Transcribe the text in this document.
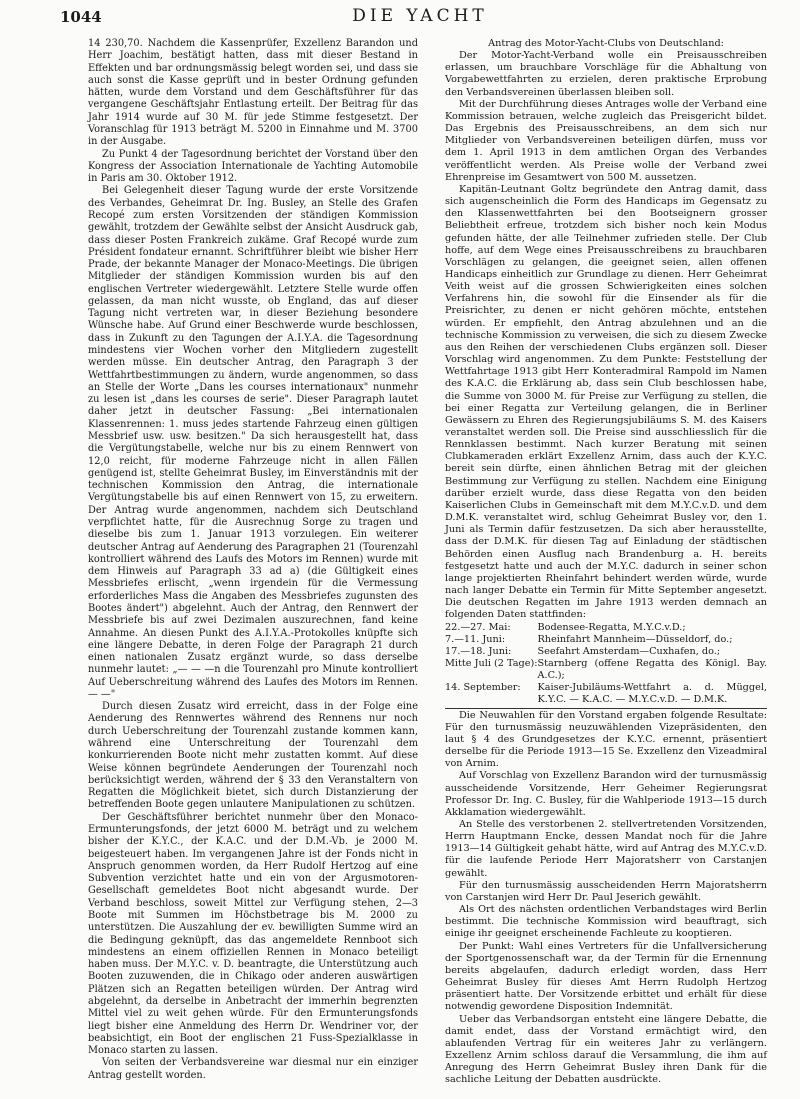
1044	DIE YACHT

14 230,70. Nachdem die Kassenprüfer, Exzellenz Barandon und Herr Joachim, bestätigt hatten, dass mit dieser Bestand in Effekten und bar ordnungsmässig belegt worden sei, und dass sie auch sonst die Kasse geprüft und in bester Ordnung gefunden hätten, wurde dem Vorstand und dem Geschäftsführer für das vergangene Geschäftsjahr Entlastung erteilt. Der Beitrag für das Jahr 1914 wurde auf 30 M. für jede Stimme festgesetzt. Der Voranschlag für 1913 beträgt M. 5200 in Einnahme und M. 3700 in der Ausgabe.

Zu Punkt 4 der Tagesordnung berichtet der Vorstand über den Kongress der Association Internationale de Yachting Automobile in Paris am 30. Oktober 1912.

Bei Gelegenheit dieser Tagung wurde der erste Vorsitzende des Verbandes, Geheimrat Dr. Ing. Busley, an Stelle des Grafen Recopé zum ersten Vorsitzenden der ständigen Kommission gewählt, trotzdem der Gewählte selbst der Ansicht Ausdruck gab, dass dieser Posten Frankreich zukäme. Graf Recopé wurde zum Président fondateur ernannt. Schriftführer bleibt wie bisher Herr Prade, der bekannte Manager der Monaco-Meetings. Die übrigen Mitglieder der ständigen Kommission wurden bis auf den englischen Vertreter wiedergewählt. Letztere Stelle wurde offen gelassen, da man nicht wusste, ob England, das auf dieser Tagung nicht vertreten war, in dieser Beziehung besondere Wünsche habe. Auf Grund einer Beschwerde wurde beschlossen, dass in Zukunft zu den Tagungen der A.I.Y.A. die Tagesordnung mindestens vier Wochen vorher den Mitgliedern zugestellt werden müsse. Ein deutscher Antrag, den Paragraph 3 der Wettfahrtbestimmungen zu ändern, wurde angenommen, so dass an Stelle der Worte „Dans les courses internationaux" nunmehr zu lesen ist „dans les courses de serie". Dieser Paragraph lautet daher jetzt in deutscher Fassung: „Bei internationalen Klassenrennen: 1. muss jedes startende Fahrzeug einen gültigen Messbrief usw. usw. besitzen." Da sich herausgestellt hat, dass die Vergütungstabelle, welche nur bis zu einem Rennwert von 12,0 reicht, für moderne Fahrzeuge nicht in allen Fällen genügend ist, stellte Geheimrat Busley, im Einverständnis mit der technischen Kommission den Antrag, die internationale Vergütungstabelle bis auf einen Rennwert von 15, zu erweitern. Der Antrag wurde angenommen, nachdem sich Deutschland verpflichtet hatte, für die Ausrechnug Sorge zu tragen und dieselbe bis zum 1. Januar 1913 vorzulegen. Ein weiterer deutscher Antrag auf Aenderung des Paragraphen 21 (Tourenzahl kontrolliert während des Laufs des Motors im Rennen) wurde mit dem Hinweis auf Paragraph 33 ad a) (die Gültigkeit eines Messbriefes erlischt, „wenn irgendein für die Vermessung erforderliches Mass die Angaben des Messbriefes zugunsten des Bootes ändert") abgelehnt. Auch der Antrag, den Rennwert der Messbriefe bis auf zwei Dezimalen auszurechnen, fand keine Annahme. An diesen Punkt des A.I.Y.A.-Protokolles knüpfte sich eine längere Debatte, in deren Folge der Paragraph 21 durch einen nationalen Zusatz ergänzt wurde, so dass derselbe nunmehr lautet: „— — —n die Tourenzahl pro Minute kontrolliert Auf Ueberschreitung während des Laufes des Motors im Rennen. — —"

Durch diesen Zusatz wird erreicht, dass in der Folge eine Aenderung des Rennwertes während des Rennens nur noch durch Ueberschreitung der Tourenzahl zustande kommen kann, während eine Unterschreitung der Tourenzahl dem konkurrierenden Boote nicht mehr zustatten kommt. Auf diese Weise können begründete Aenderungen der Tourenzahl noch berücksichtigt werden, während der § 33 den Veranstaltern von Regatten die Möglichkeit bietet, sich durch Distanzierung der betreffenden Boote gegen unlautere Manipulationen zu schützen.

Der Geschäftsführer berichtet nunmehr über den Monaco-Ermunterungsfonds, der jetzt 6000 M. beträgt und zu welchem bisher der K.Y.C., der K.A.C. und der D.M.-Vb. je 2000 M. beigesteuert haben. Im vergangenen Jahre ist der Fonds nicht in Anspruch genommen worden, da Herr Rudolf Hertzog auf eine Subvention verzichtet hatte und ein von der Argusmotoren-Gesellschaft gemeldetes Boot nicht abgesandt wurde. Der Verband beschloss, soweit Mittel zur Verfügung stehen, 2—3 Boote mit Summen im Höchstbetrage bis M. 2000 zu unterstützen. Die Auszahlung der ev. bewilligten Summe wird an die Bedingung geknüpft, das das angemeldete Rennboot sich mindestens an einem offiziellen Rennen in Monaco beteiligt haben muss. Der M.Y.C. v. D. beantragte, die Unterstützung auch Booten zuzuwenden, die in Chikago oder anderen auswärtigen Plätzen sich an Regatten beteiligen würden. Der Antrag wird abgelehnt, da derselbe in Anbetracht der immerhin begrenzten Mittel viel zu weit gehen würde. Für den Ermunterungsfonds liegt bisher eine Anmeldung des Herrn Dr. Wendriner vor, der beabsichtigt, ein Boot der englischen 21 Fuss-Spezialklasse in Monaco starten zu lassen.

Von seiten der Verbandsvereine war diesmal nur ein einziger Antrag gestellt worden.

Antrag des Motor-Yacht-Clubs von Deutschland:

Der Motor-Yacht-Verband wolle ein Preisausschreiben erlassen, um brauchbare Vorschläge für die Abhaltung von Vorgabewettfahrten zu erzielen, deren praktische Erprobung den Verbandsvereinen überlassen bleiben soll.

Mit der Durchführung dieses Antrages wolle der Verband eine Kommission betrauen, welche zugleich das Preisgericht bildet. Das Ergebnis des Preisausschreibens, an dem sich nur Mitglieder von Verbandsvereinen beteiligen dürfen, muss vor dem 1. April 1913 in dem amtlichen Organ des Verbandes veröffentlicht werden. Als Preise wolle der Verband zwei Ehrenpreise im Gesamtwert von 500 M. aussetzen.

Kapitän-Leutnant Goltz begründete den Antrag damit, dass sich augenscheinlich die Form des Handicaps im Gegensatz zu den Klassenwettfahrten bei den Bootseignern grosser Beliebtheit erfreue, trotzdem sich bisher noch kein Modus gefunden hätte, der alle Teilnehmer zufrieden stelle. Der Club hoffe, auf dem Wege eines Preisausschreibens zu brauchbaren Vorschlägen zu gelangen, die geeignet seien, allen offenen Handicaps einheitlich zur Grundlage zu dienen. Herr Geheimrat Veith weist auf die grossen Schwierigkeiten eines solchen Verfahrens hin, die sowohl für die Einsender als für die Preisrichter, zu denen er nicht gehören möchte, entstehen würden. Er empfiehlt, den Antrag abzulehnen und an die technische Kommission zu verweisen, die sich zu diesem Zwecke aus den Reihen der verschiedenen Clubs ergänzen soll. Dieser Vorschlag wird angenommen. Zu dem Punkte: Feststellung der Wettfahrtage 1913 gibt Herr Konteradmiral Rampold im Namen des K.A.C. die Erklärung ab, dass sein Club beschlossen habe, die Summe von 3000 M. für Preise zur Verfügung zu stellen, die bei einer Regatta zur Verteilung gelangen, die in Berliner Gewässern zu Ehren des Regierungsjubiläums S. M. des Kaisers veranstaltet werden soll. Die Preise sind ausschliesslich für die Rennklassen bestimmt. Nach kurzer Beratung mit seinen Clubkameraden erklärt Exzellenz Arnim, dass auch der K.Y.C. bereit sein dürfte, einen ähnlichen Betrag mit der gleichen Bestimmung zur Verfügung zu stellen. Nachdem eine Einigung darüber erzielt wurde, dass diese Regatta von den beiden Kaiserlichen Clubs in Gemeinschaft mit dem M.Y.C.v.D. und dem D.M.K. veranstaltet wird, schlug Geheimrat Busley vor, den 1. Juni als Termin dafür festzusetzen. Da sich aber herausstellte, dass der D.M.K. für diesen Tag auf Einladung der städtischen Behörden einen Ausflug nach Brandenburg a. H. bereits festgesetzt hatte und auch der M.Y.C. dadurch in seiner schon lange projektierten Rheinfahrt behindert werden würde, wurde nach langer Debatte ein Termin für Mitte September angesetzt. Die deutschen Regatten im Jahre 1913 werden demnach an folgenden Daten stattfinden:

22.—27. Mai:	Bodensee-Regatta, M.Y.C.v.D.;
7.—11. Juni:	Rheinfahrt Mannheim—Düsseldorf, do.;
17.—18. Juni:	Seefahrt Amsterdam—Cuxhafen, do.;
Mitte Juli (2 Tage):	Starnberg (offene Regatta des Königl. Bay. A.C.);
14. September:	Kaiser-Jubiläums-Wettfahrt a. d. Müggel, K.Y.C. — K.A.C. — M.Y.C.v.D. — D.M.K.

Die Neuwahlen für den Vorstand ergaben folgende Resultate: Für den turnusmässig neuzuwählenden Vizepräsidenten, den laut § 4 des Grundgesetzes der K.Y.C. ernennt, präsentiert derselbe für die Periode 1913—15 Se. Exzellenz den Vizeadmiral von Arnim.

Auf Vorschlag von Exzellenz Barandon wird der turnusmässig ausscheidende Vorsitzende, Herr Geheimer Regierungsrat Professor Dr. Ing. C. Busley, für die Wahlperiode 1913—15 durch Akklamation wiedergewählt.

An Stelle des verstorbenen 2. stellvertretenden Vorsitzenden, Herrn Hauptmann Encke, dessen Mandat noch für die Jahre 1913—14 Gültigkeit gehabt hätte, wird auf Antrag des M.Y.C.v.D. für die laufende Periode Herr Majoratsherr von Carstanjen gewählt.

Für den turnusmässig ausscheidenden Herrn Majoratsherrn von Carstanjen wird Herr Dr. Paul Jeserich gewählt.

Als Ort des nächsten ordentlichen Verbandstages wird Berlin bestimmt. Die technische Kommission wird beauftragt, sich einige ihr geeignet erscheinende Fachleute zu kooptieren.

Der Punkt: Wahl eines Vertreters für die Unfallversicherung der Sportgenossenschaft war, da der Termin für die Ernennung bereits abgelaufen, dadurch erledigt worden, dass Herr Geheimrat Busley für dieses Amt Herrn Rudolph Hertzog präsentiert hatte. Der Vorsitzende erbittet und erhält für diese notwendig gewordene Disposition Indemnität.

Ueber das Verbandsorgan entsteht eine längere Debatte, die damit endet, dass der Vorstand ermächtigt wird, den ablaufenden Vertrag für ein weiteres Jahr zu verlängern. Exzellenz Arnim schloss darauf die Versammlung, die ihm auf Anregung des Herrn Geheimrat Busley ihren Dank für die sachliche Leitung der Debatten ausdrückte.
